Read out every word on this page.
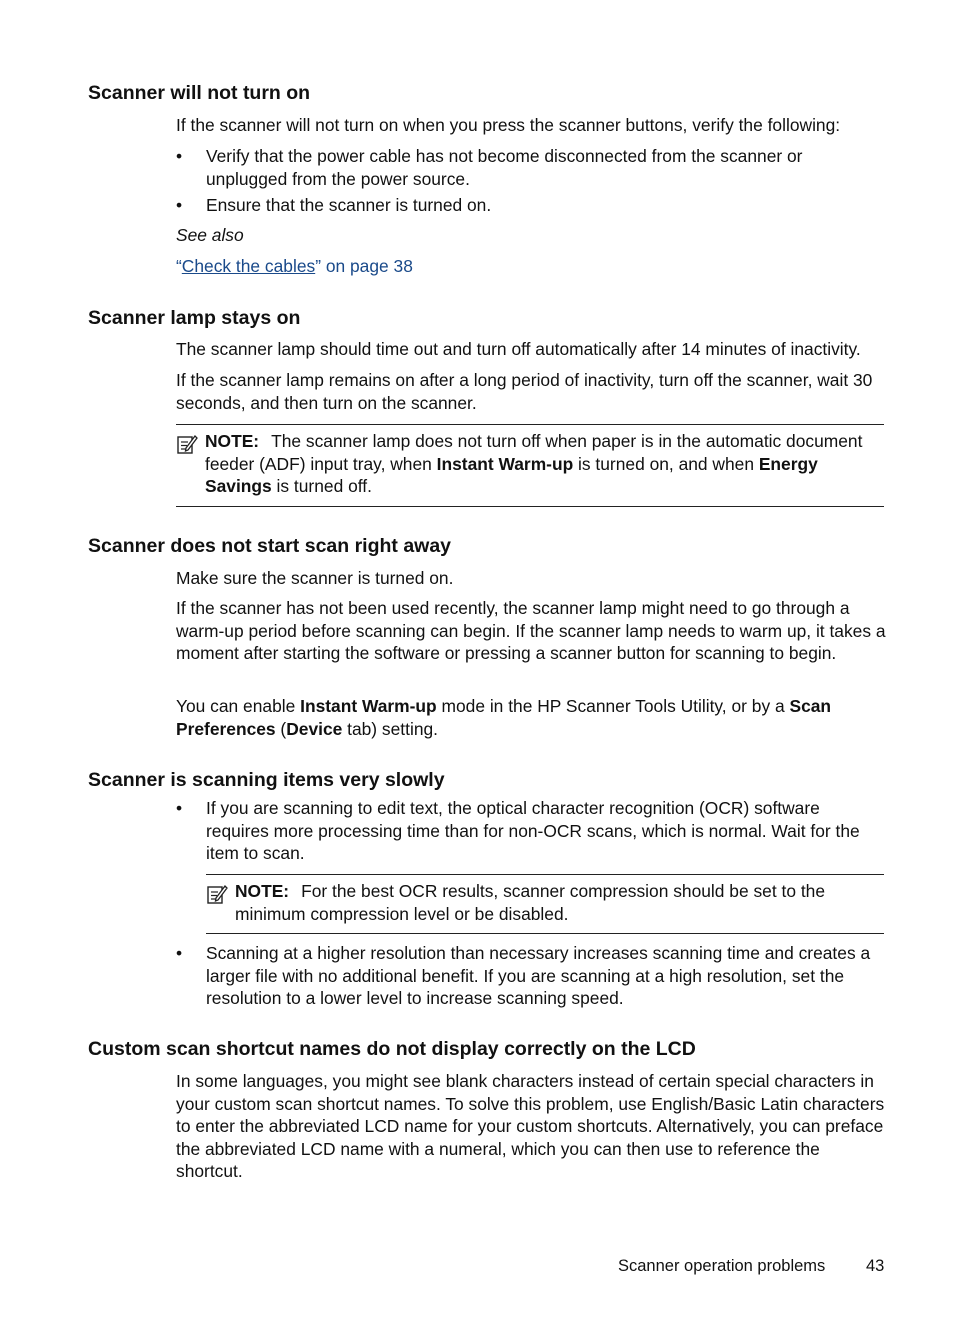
Scanner will not turn on

If the scanner will not turn on when you press the scanner buttons, verify the following:

• Verify that the power cable has not become disconnected from the scanner or unplugged from the power source.
• Ensure that the scanner is turned on.

See also

“Check the cables” on page 38

Scanner lamp stays on

The scanner lamp should time out and turn off automatically after 14 minutes of inactivity.

If the scanner lamp remains on after a long period of inactivity, turn off the scanner, wait 30 seconds, and then turn on the scanner.

NOTE: The scanner lamp does not turn off when paper is in the automatic document feeder (ADF) input tray, when Instant Warm-up is turned on, and when Energy Savings is turned off.
Scanner does not start scan right away

Make sure the scanner is turned on.

If the scanner has not been used recently, the scanner lamp might need to go through a warm-up period before scanning can begin. If the scanner lamp needs to warm up, it takes a moment after starting the software or pressing a scanner button for scanning to begin.

You can enable Instant Warm-up mode in the HP Scanner Tools Utility, or by a Scan Preferences (Device tab) setting.

Scanner is scanning items very slowly
• If you are scanning to edit text, the optical character recognition (OCR) software requires more processing time than for non-OCR scans, which is normal. Wait for the item to scan.
NOTE: For the best OCR results, scanner compression should be set to the minimum compression level or be disabled.
• Scanning at a higher resolution than necessary increases scanning time and creates a larger file with no additional benefit. If you are scanning at a high resolution, set the resolution to a lower level to increase scanning speed.
Custom scan shortcut names do not display correctly on the LCD

In some languages, you might see blank characters instead of certain special characters in your custom scan shortcut names. To solve this problem, use English/Basic Latin characters to enter the abbreviated LCD name for your custom shortcuts. Alternatively, you can preface the abbreviated LCD name with a numeral, which you can then use to reference the shortcut.

Scanner operation problems 43
